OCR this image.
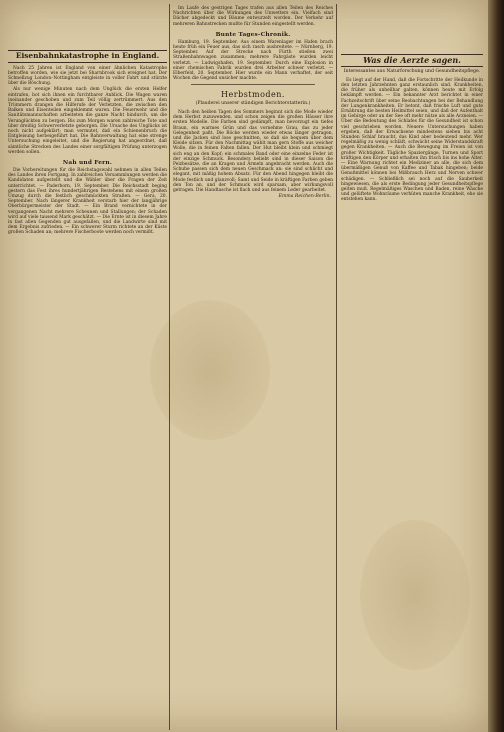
Eisenbahnkatastrophe in England.

Nach 25 Jahren ist England von einer ähnlichen Katastrophe betroffen worden, wie sie jetzt bei Sharnbrook sich ereignet hat. Der Schnellzug London–Nottingham entgleiste in voller Fahrt und stürzte über die Böschung.

Als nur wenige Minuten nach dem Unglück die ersten Helfer eintrafen, bot sich ihnen ein furchtbarer Anblick. Die Wagen waren ineinander geschoben und zum Teil völlig zertrümmert. Aus den Trümmern drangen die Hilferufe der Verletzten, die zwischen den Balken und Eisenteilen eingeklemmt waren. Die Feuerwehr und die Sanitätsmannschaften arbeiteten die ganze Nacht hindurch, um die Verunglückten zu bergen. Bis zum Morgen waren zahlreiche Tote und über dreißig Schwerverletzte geborgen. Die Ursache des Unglücks ist noch nicht aufgeklärt; man vermutet, daß ein Schienenbruch die Entgleisung herbeigeführt hat. Die Bahnverwaltung hat eine strenge Untersuchung eingeleitet, und die Regierung hat angeordnet, daß sämtliche Strecken des Landes einer sorgfältigen Prüfung unterzogen werden sollen.

Nah und Fern.

Die Vorbereitungen für die Reichstagswahl nehmen in allen Teilen des Landes ihren Fortgang. In zahlreichen Versammlungen werden die Kandidaten aufgestellt und die Wähler über die Fragen der Zeit unterrichtet. — Paderborn, 19. September. Die Reichsstadt beging gestern das Fest ihres hundertjährigen Bestehens mit einem großen Umzug durch die festlich geschmückten Straßen. — Gera, 20. September. Nach längerer Krankheit verstarb hier der langjährige Oberbürgermeister der Stadt. — Ein Brand vernichtete in der vergangenen Nacht mehrere Scheunen und Stallungen; der Schaden wird auf viele tausend Mark geschätzt. — Die Ernte ist in diesem Jahre in fast allen Gegenden gut ausgefallen, und die Landwirte sind mit dem Ergebnis zufrieden. — Ein schwerer Sturm richtete an der Küste großen Schaden an; mehrere Fischerboote werden noch vermißt.

Im Laufe des gestrigen Tages trafen aus allen Teilen des Reiches Nachrichten über die Wirkungen des Unwetters ein. Vielfach sind Dächer abgedeckt und Bäume entwurzelt worden. Der Verkehr auf mehreren Bahnstrecken mußte für Stunden eingestellt werden.

Bunte Tages-Chronik.

Hamburg, 19. September. Aus einem Warenlager im Hafen brach heute früh ein Feuer aus, das sich rasch ausbreitete. — Nürnberg, 19. September. Auf der Strecke nach Fürth stießen zwei Straßenbahnwagen zusammen; mehrere Fahrgäste wurden leicht verletzt. — Ludwigshafen, 19. September. Durch eine Explosion in einer chemischen Fabrik wurden drei Arbeiter schwer verletzt. — Elberfeld, 20. September. Hier wurde ein Mann verhaftet, der seit Wochen die Gegend unsicher machte.

Herbstmoden.
(Plauderei unserer ständigen Berichterstatterin.)

Nach den heißen Tagen des Sommers beginnt sich die Mode wieder dem Herbst zuzuwenden, und schon zeigen die großen Häuser ihre ersten Modelle. Die Farben sind gedämpft, man bevorzugt ein tiefes Braun, ein warmes Grün und das vornehme Grau, das zu jeder Gelegenheit paßt. Die Röcke werden wieder etwas länger getragen, und die Jacken sind lose geschnitten, so daß sie bequem über dem Kleide sitzen. Für den Nachmittag wählt man gern Stoffe aus weicher Wolle, die in feinen Falten fallen. Der Hut bleibt klein und schmiegt sich eng an den Kopf; ein schmales Band oder eine einzelne Feder ist der einzige Schmuck. Besonders beliebt sind in dieser Saison die Pelzbesätze, die an Kragen und Ärmeln angebracht werden. Auch die Schuhe passen sich dem neuen Geschmack an: sie sind schlicht und elegant, mit mäßig hohem Absatz. Für den Abend hingegen bleibt die Mode festlich und glanzvoll; Samt und Seide in kräftigen Farben geben den Ton an, und der Schmuck wird sparsam, aber wirkungsvoll getragen. Die Handtasche ist flach und aus feinem Leder gearbeitet.

Emma Reichen-Berlin.
Was die Aerzte sagen.
Interessantes aus Naturforschung und Gesundheitspflege.

Es liegt auf der Hand, daß die Fortschritte der Heilkunde in den letzten Jahrzehnten ganz erstaunlich sind. Krankheiten, die früher als unheilbar galten, können heute mit Erfolg bekämpft werden. — Ein bekannter Arzt berichtet in einer Fachzeitschrift über seine Beobachtungen bei der Behandlung der Lungenkrankheiten. Er betont, daß frische Luft und gute Ernährung die besten Heilmittel seien, und daß der Aufenthalt im Gebirge oder an der See oft mehr nütze als alle Arzneien. — Über die Bedeutung des Schlafes für die Gesundheit ist schon viel geschrieben worden. Neuere Untersuchungen haben ergeben, daß der Erwachsene mindestens sieben bis acht Stunden Schlaf braucht, das Kind aber bedeutend mehr. Wer regelmäßig zu wenig schläft, schwächt seine Widerstandskraft gegen Krankheiten. — Auch die Bewegung im Freien ist von großer Wichtigkeit. Tägliche Spaziergänge, Turnen und Sport kräftigen den Körper und erhalten ihn frisch bis ins hohe Alter. — Eine Warnung richtet ein Mediziner an alle, die sich dem übermäßigen Genuß von Kaffee und Tabak hingeben; beide Genußmittel können bei Mißbrauch Herz und Nerven schwer schädigen. — Schließlich sei noch auf die Sauberkeit hingewiesen, die als erste Bedingung jeder Gesundheitspflege gelten muß. Regelmäßiges Waschen und Baden, reine Wäsche und gelüftete Wohnräume verhüten manche Krankheit, ehe sie entstehen kann.
